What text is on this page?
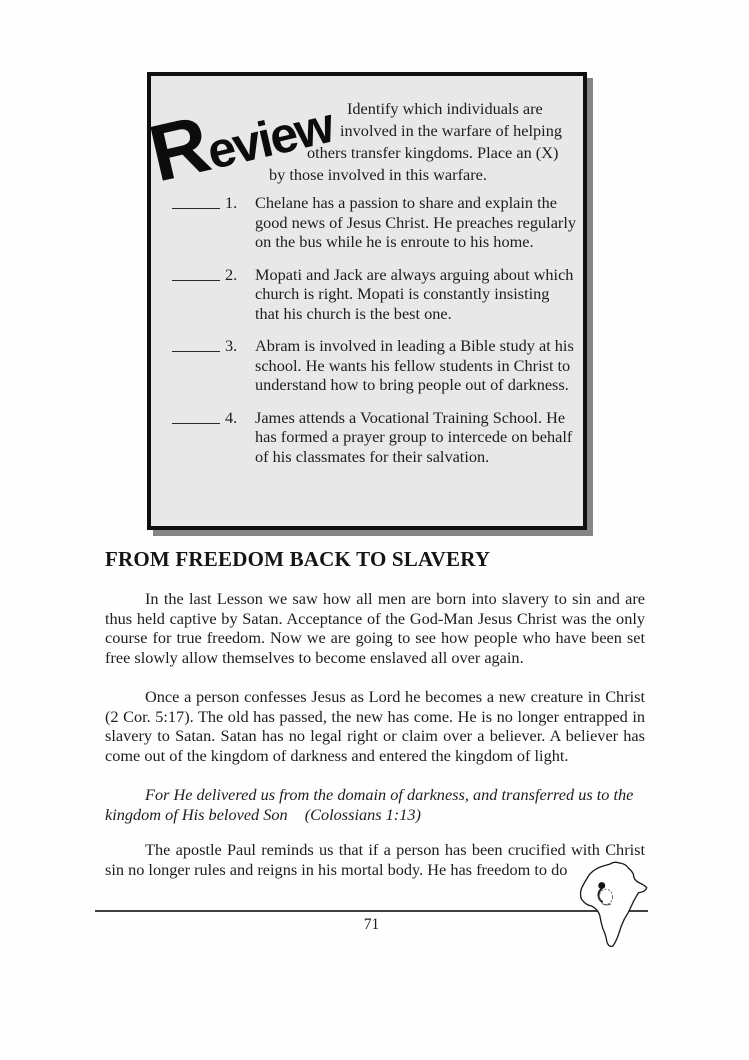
Review Identify which individuals are
involved in the warfare of helping
others transfer kingdoms. Place an (X)
by those involved in this warfare.
1.	Chelane has a passion to share and explain the good news of Jesus Christ. He preaches regularly on the bus while he is enroute to his home.
2.	Mopati and Jack are always arguing about which church is right. Mopati is constantly insisting that his church is the best one.
3.	Abram is involved in leading a Bible study at his school. He wants his fellow students in Christ to understand how to bring people out of darkness.
4.	James attends a Vocational Training School. He has formed a prayer group to intercede on behalf of his classmates for their salvation.
FROM FREEDOM BACK TO SLAVERY

In the last Lesson we saw how all men are born into slavery to sin and are thus held captive by Satan. Acceptance of the God-Man Jesus Christ was the only course for true freedom. Now we are going to see how people who have been set free slowly allow themselves to become enslaved all over again.

Once a person confesses Jesus as Lord he becomes a new creature in Christ (2 Cor. 5:17). The old has passed, the new has come. He is no longer entrapped in slavery to Satan. Satan has no legal right or claim over a believer. A believer has come out of the kingdom of darkness and entered the kingdom of light.

For He delivered us from the domain of darkness, and transferred us to the kingdom of His beloved Son (Colossians 1:13)

The apostle Paul reminds us that if a person has been crucified with Christ sin no longer rules and reigns in his mortal body. He has freedom to do

71
